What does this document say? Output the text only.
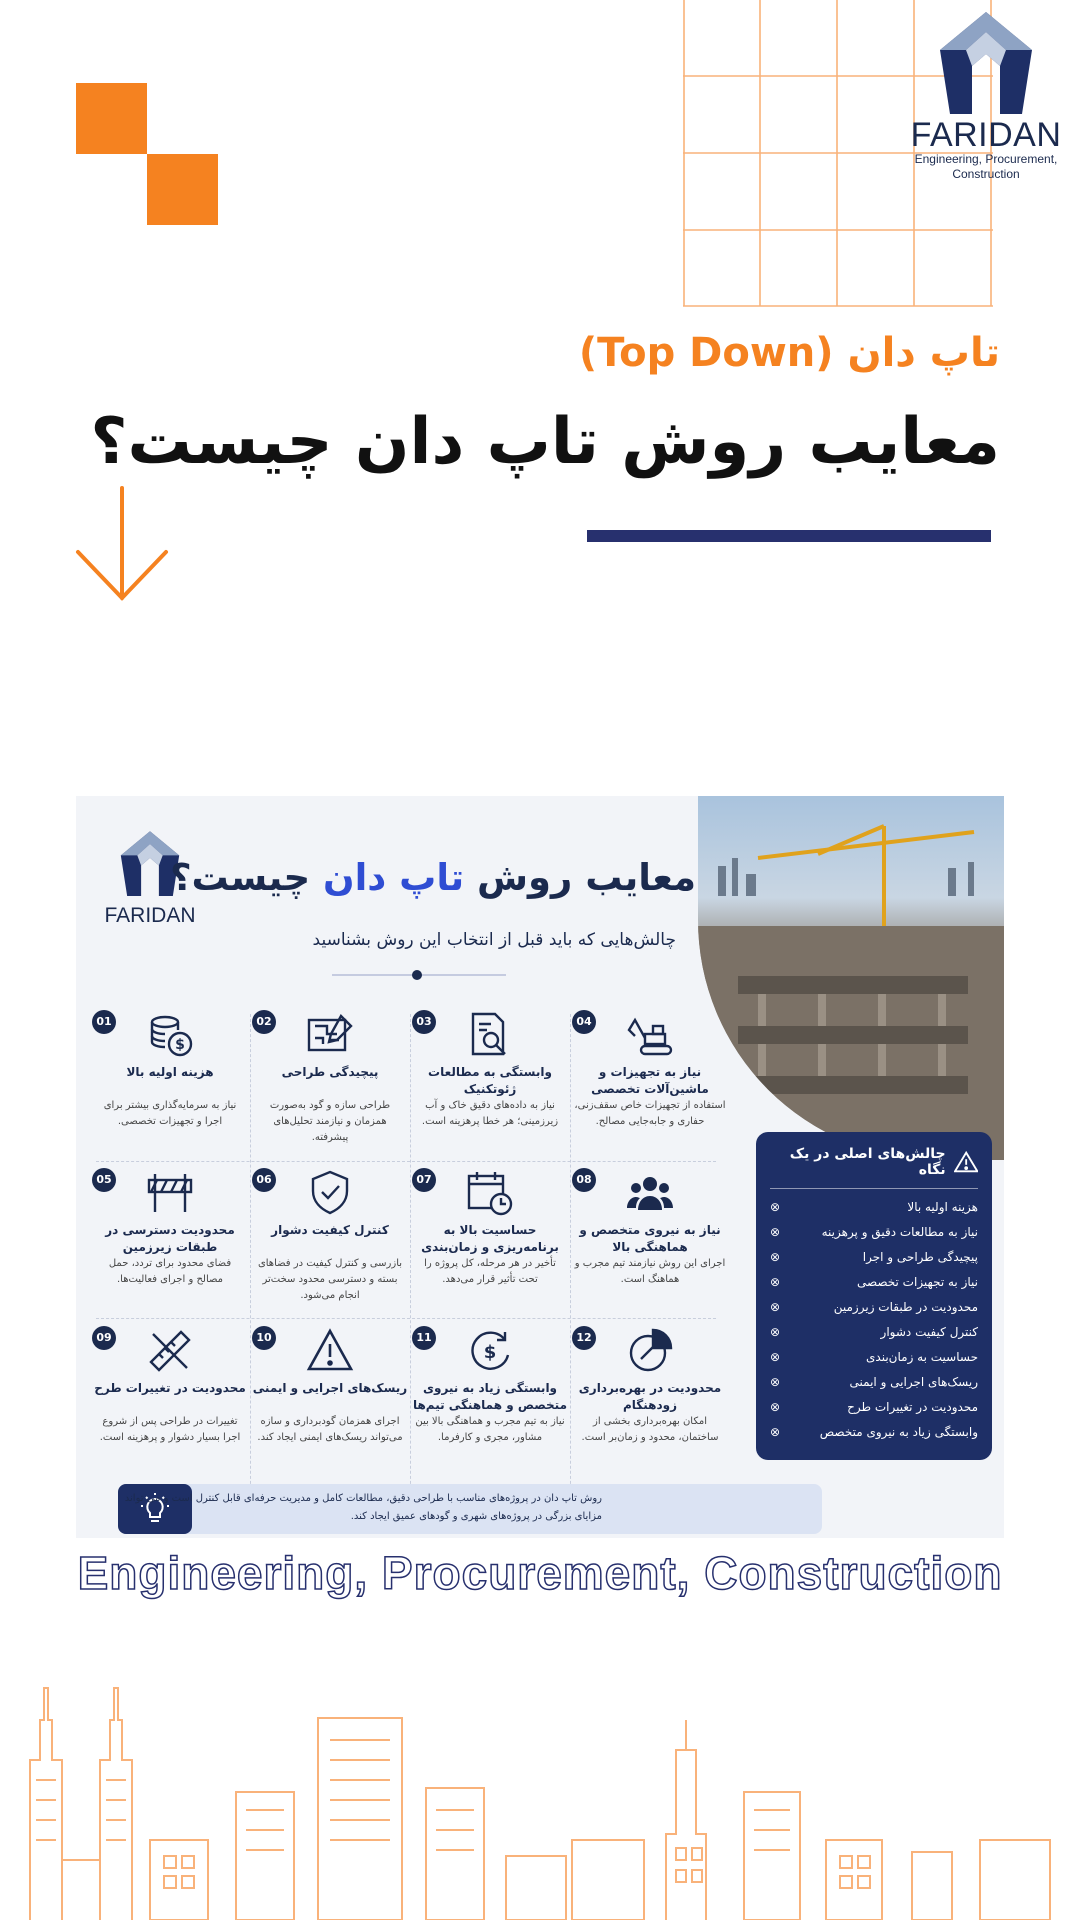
FARIDAN
Engineering, Procurement,
Construction
تاپ دان (Top Down)
معایب روش تاپ دان چیست؟
FARIDAN
معایب روش تاپ دان چیست؟
چالش‌هایی که باید قبل از انتخاب این روش بشناسید
01
$
هزینه اولیه بالا
نیاز به سرمایه‌گذاری بیشتر برای اجرا و تجهیزات تخصصی.
02
پیچیدگی طراحی
طراحی سازه و گود به‌صورت همزمان و نیازمند تحلیل‌های پیشرفته.
03
وابستگی به مطالعات ژئوتکنیک
نیاز به داده‌های دقیق خاک و آب زیرزمینی؛ هر خطا پرهزینه است.
04
نیاز به تجهیزات و ماشین‌آلات تخصصی
استفاده از تجهیزات خاص سقف‌زنی، حفاری و جابه‌جایی مصالح.
05
محدودیت دسترسی در طبقات زیرزمین
فضای محدود برای تردد، حمل مصالح و اجرای فعالیت‌ها.
06
کنترل کیفیت دشوار
بازرسی و کنترل کیفیت در فضاهای بسته و دسترسی محدود سخت‌تر انجام می‌شود.
07
حساسیت بالا به برنامه‌ریزی و زمان‌بندی
تأخیر در هر مرحله، کل پروژه را تحت تأثیر قرار می‌دهد.
08
نیاز به نیروی متخصص و هماهنگی بالا
اجرای این روش نیازمند تیم مجرب و هماهنگ است.
09
محدودیت در تغییرات طرح
تغییرات در طراحی پس از شروع اجرا بسیار دشوار و پرهزینه است.
10
ریسک‌های اجرایی و ایمنی
اجرای همزمان گودبرداری و سازه می‌تواند ریسک‌های ایمنی ایجاد کند.
11
$
وابستگی زیاد به نیروی متخصص و هماهنگی تیم‌ها
نیاز به تیم مجرب و هماهنگی بالا بین مشاور، مجری و کارفرما.
12
محدودیت در بهره‌برداری زودهنگام
امکان بهره‌برداری بخشی از ساختمان، محدود و زمان‌بر است.
چالش‌های اصلی در یک نگاه
هزینه اولیه بالا
⊗
نیاز به مطالعات دقیق و پرهزینه
⊗
پیچیدگی طراحی و اجرا
⊗
نیاز به تجهیزات تخصصی
⊗
محدودیت در طبقات زیرزمین
⊗
کنترل کیفیت دشوار
⊗
حساسیت به زمان‌بندی
⊗
ریسک‌های اجرایی و ایمنی
⊗
محدودیت در تغییرات طرح
⊗
وابستگی زیاد به نیروی متخصص
⊗
روش تاپ دان در پروژه‌های مناسب با طراحی دقیق، مطالعات کامل و مدیریت حرفه‌ای قابل کنترل است و می تواند مزایای بزرگی در پروژه‌های شهری و گودهای عمیق ایجاد کند.
Engineering, Procurement, Construction
